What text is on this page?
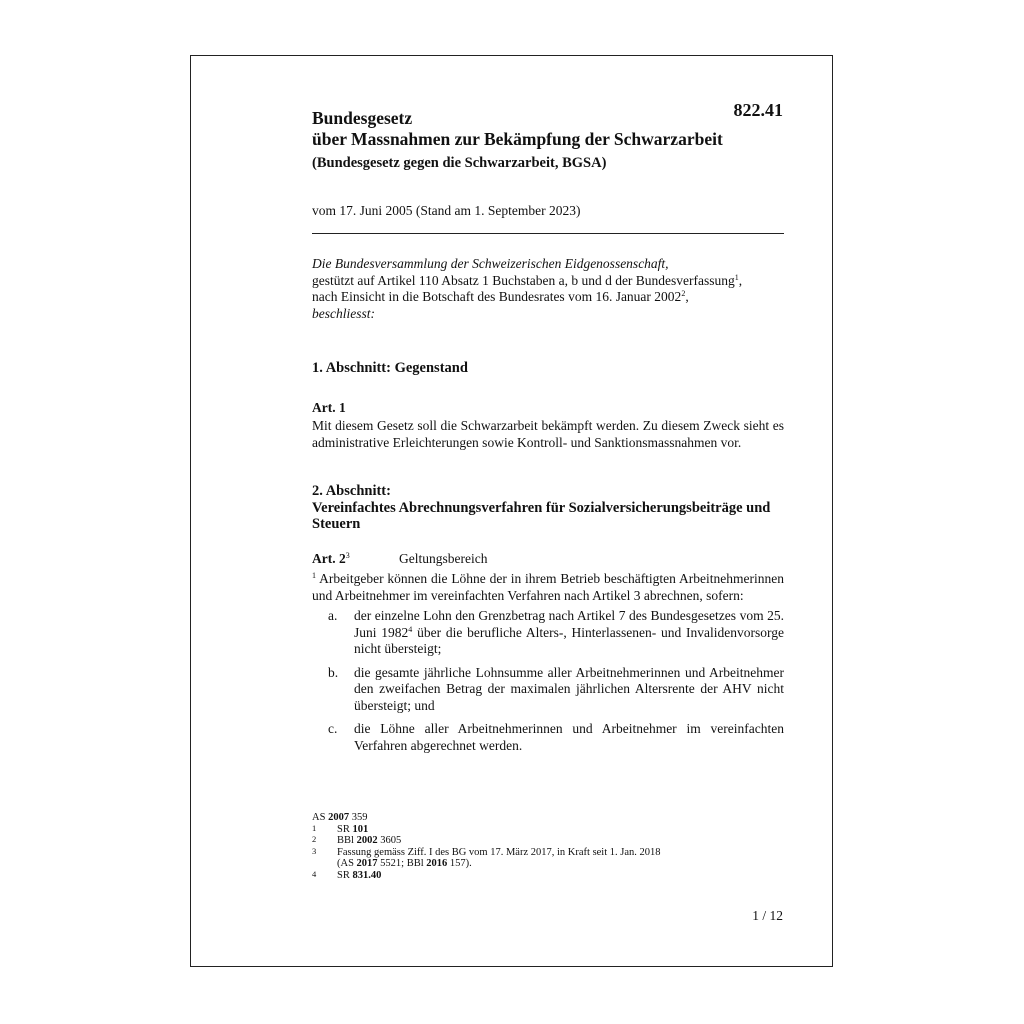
822.41
Bundesgesetz
über Massnahmen zur Bekämpfung der Schwarzarbeit
(Bundesgesetz gegen die Schwarzarbeit, BGSA)
vom 17. Juni 2005 (Stand am 1. September 2023)
Die Bundesversammlung der Schweizerischen Eidgenossenschaft,
gestützt auf Artikel 110 Absatz 1 Buchstaben a, b und d der Bundesverfassung$^1$,
nach Einsicht in die Botschaft des Bundesrates vom 16. Januar 2002$^2$,
beschliesst:
1. Abschnitt: Gegenstand
Art. 1
Mit diesem Gesetz soll die Schwarzarbeit bekämpft werden. Zu diesem Zweck sieht es administrative Erleichterungen sowie Kontroll- und Sanktionsmassnahmen vor.
2. Abschnitt:
Vereinfachtes Abrechnungsverfahren für Sozialversicherungsbeiträge und Steuern
Art. $2^3$	Geltungsbereich
$^1$ Arbeitgeber können die Löhne der in ihrem Betrieb beschäftigten Arbeitnehmerinnen und Arbeitnehmer im vereinfachten Verfahren nach Artikel 3 abrechnen, sofern:
a. der einzelne Lohn den Grenzbetrag nach Artikel 7 des Bundesgesetzes vom 25. Juni 1982$^4$ über die berufliche Alters-, Hinterlassenen- und Invalidenvorsorge nicht übersteigt;
b. die gesamte jährliche Lohnsumme aller Arbeitnehmerinnen und Arbeitnehmer den zweifachen Betrag der maximalen jährlichen Altersrente der AHV nicht übersteigt; und
c. die Löhne aller Arbeitnehmerinnen und Arbeitnehmer im vereinfachten Verfahren abgerechnet werden.
AS 2007 359
1 SR 101
2 BBl 2002 3605
3 Fassung gemäss Ziff. I des BG vom 17. März 2017, in Kraft seit 1. Jan. 2018
(AS 2017 5521; BBl 2016 157).
4 SR 831.40
1 / 12
